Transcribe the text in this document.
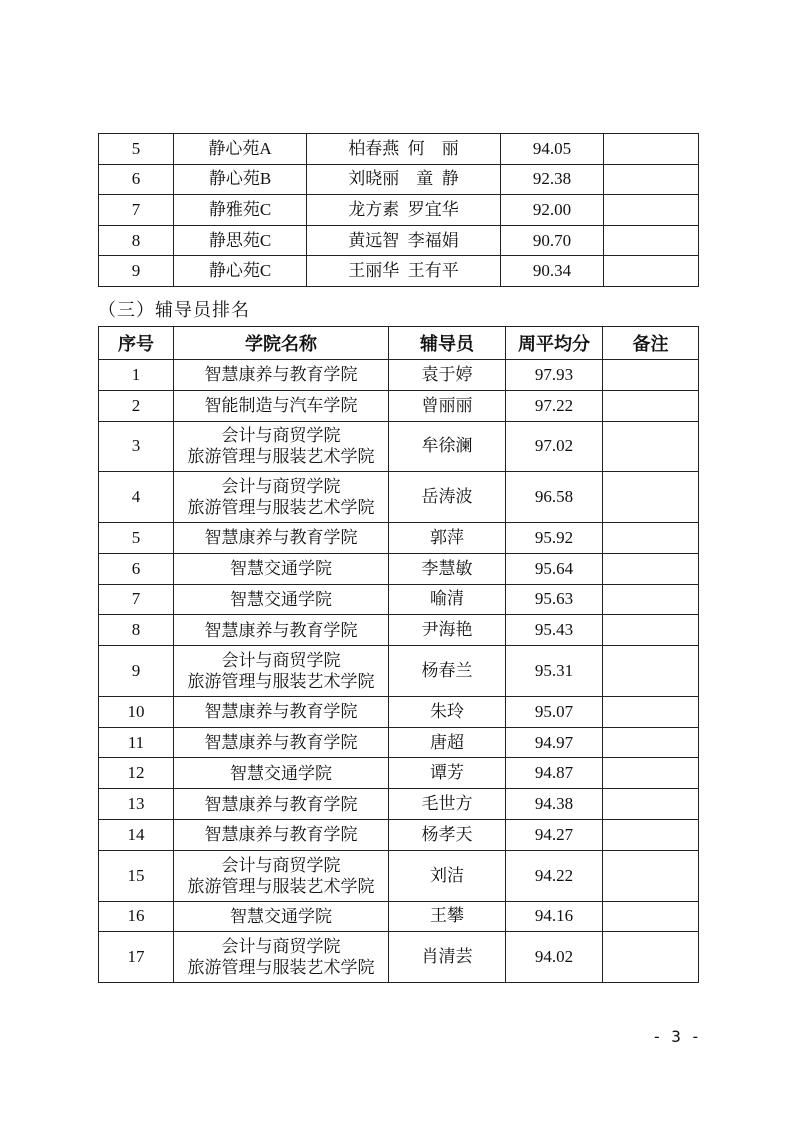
5	静心苑A	柏春燕  何    丽	94.05	
6	静心苑B	刘晓丽    童  静	92.38	
7	静雅苑C	龙方素  罗宜华	92.00	
8	静思苑C	黄远智  李福娟	90.70	
9	静心苑C	王丽华  王有平	90.34	
（三）辅导员排名
序号	学院名称	辅导员	周平均分	备注
1	智慧康养与教育学院	袁于婷	97.93	
2	智能制造与汽车学院	曾丽丽	97.22	
3	会计与商贸学院
旅游管理与服装艺术学院	牟徐澜	97.02	
4	会计与商贸学院
旅游管理与服装艺术学院	岳涛波	96.58	
5	智慧康养与教育学院	郭萍	95.92	
6	智慧交通学院	李慧敏	95.64	
7	智慧交通学院	喻清	95.63	
8	智慧康养与教育学院	尹海艳	95.43	
9	会计与商贸学院
旅游管理与服装艺术学院	杨春兰	95.31	
10	智慧康养与教育学院	朱玲	95.07	
11	智慧康养与教育学院	唐超	94.97	
12	智慧交通学院	谭芳	94.87	
13	智慧康养与教育学院	毛世方	94.38	
14	智慧康养与教育学院	杨孝天	94.27	
15	会计与商贸学院
旅游管理与服装艺术学院	刘洁	94.22	
16	智慧交通学院	王攀	94.16	
17	会计与商贸学院
旅游管理与服装艺术学院	肖清芸	94.02	
- 3 -
